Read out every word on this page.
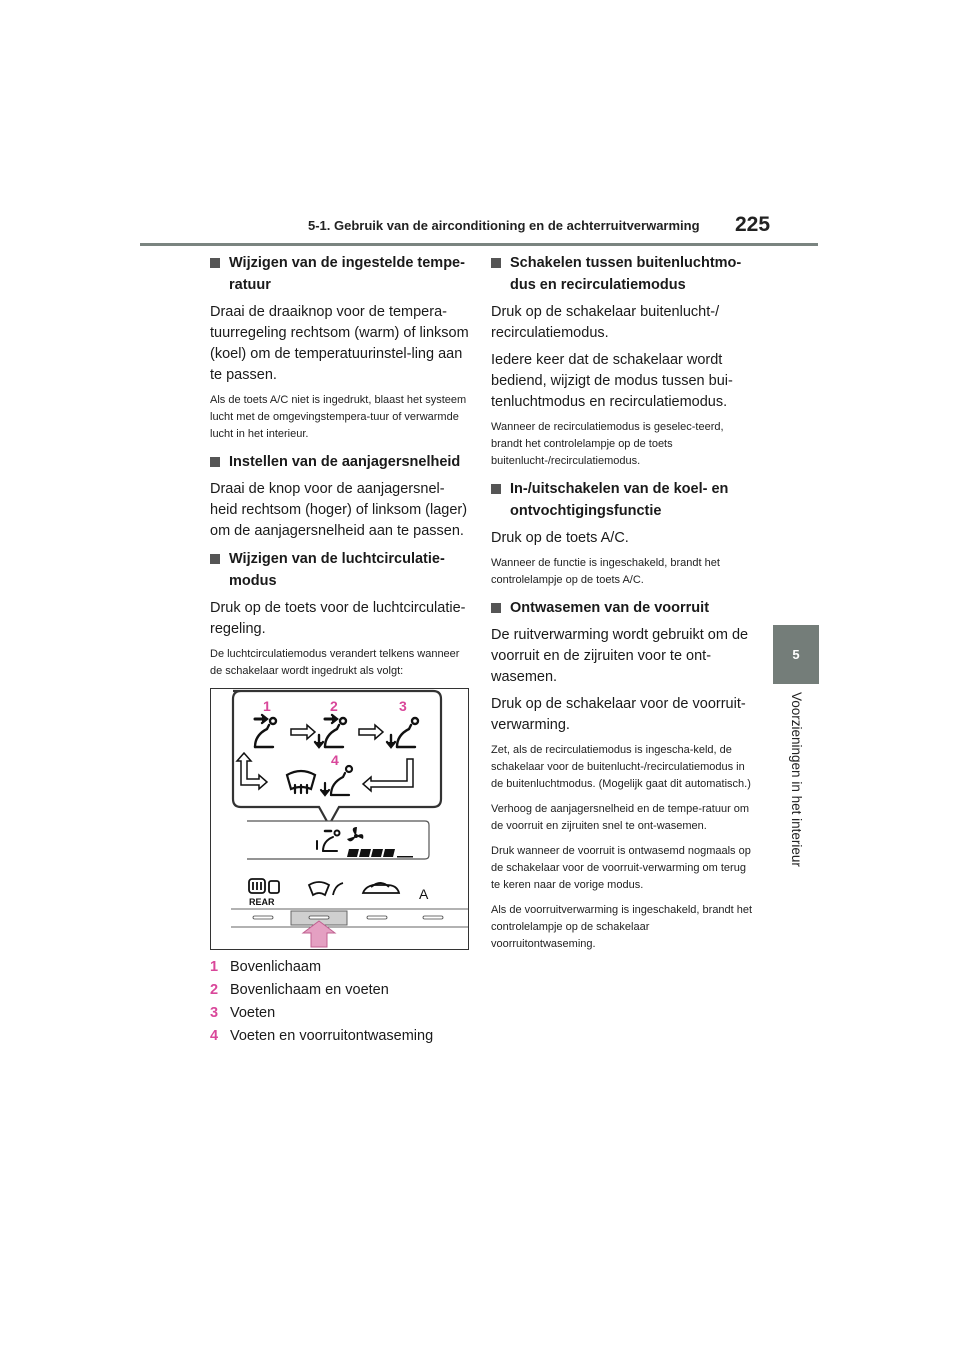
5-1. Gebruik van de airconditioning en de achterruitverwarming 225
5
Voorzieningen in het interieur
Wijzigen van de ingestelde tempe-ratuur
Draai de draaiknop voor de tempera-tuurregeling rechtsom (warm) of linksom (koel) om de temperatuurinstel-ling aan te passen.
Als de toets A/C niet is ingedrukt, blaast het systeem lucht met de omgevingstempera-tuur of verwarmde lucht in het interieur.
Instellen van de aanjagersnelheid
Draai de knop voor de aanjagersnel-heid rechtsom (hoger) of linksom (lager) om de aanjagersnelheid aan te passen.
Wijzigen van de luchtcirculatie-modus
Druk op de toets voor de luchtcirculatie-regeling.
De luchtcirculatiemodus verandert telkens wanneer de schakelaar wordt ingedrukt als volgt:
1	2	3
4
REAR	A
1 Bovenlichaam
2 Bovenlichaam en voeten
3 Voeten
4 Voeten en voorruitontwaseming
Schakelen tussen buitenluchtmo-dus en recirculatiemodus
Druk op de schakelaar buitenlucht-/ recirculatiemodus.
Iedere keer dat de schakelaar wordt bediend, wijzigt de modus tussen bui-tenluchtmodus en recirculatiemodus.
Wanneer de recirculatiemodus is geselec-teerd, brandt het controlelampje op de toets buitenlucht-/recirculatiemodus.
In-/uitschakelen van de koel- en ontvochtigingsfunctie
Druk op de toets A/C.
Wanneer de functie is ingeschakeld, brandt het controlelampje op de toets A/C.
Ontwasemen van de voorruit
De ruitverwarming wordt gebruikt om de voorruit en de zijruiten voor te ont-wasemen.
Druk op de schakelaar voor de voorruit-verwarming.
Zet, als de recirculatiemodus is ingescha-keld, de schakelaar voor de buitenlucht-/recirculatiemodus in de buitenluchtmodus. (Mogelijk gaat dit automatisch.)
Verhoog de aanjagersnelheid en de tempe-ratuur om de voorruit en zijruiten snel te ont-wasemen.
Druk wanneer de voorruit is ontwasemd nogmaals op de schakelaar voor de voorruit-verwarming om terug te keren naar de vorige modus.
Als de voorruitverwarming is ingeschakeld, brandt het controlelampje op de schakelaar voorruitontwaseming.
